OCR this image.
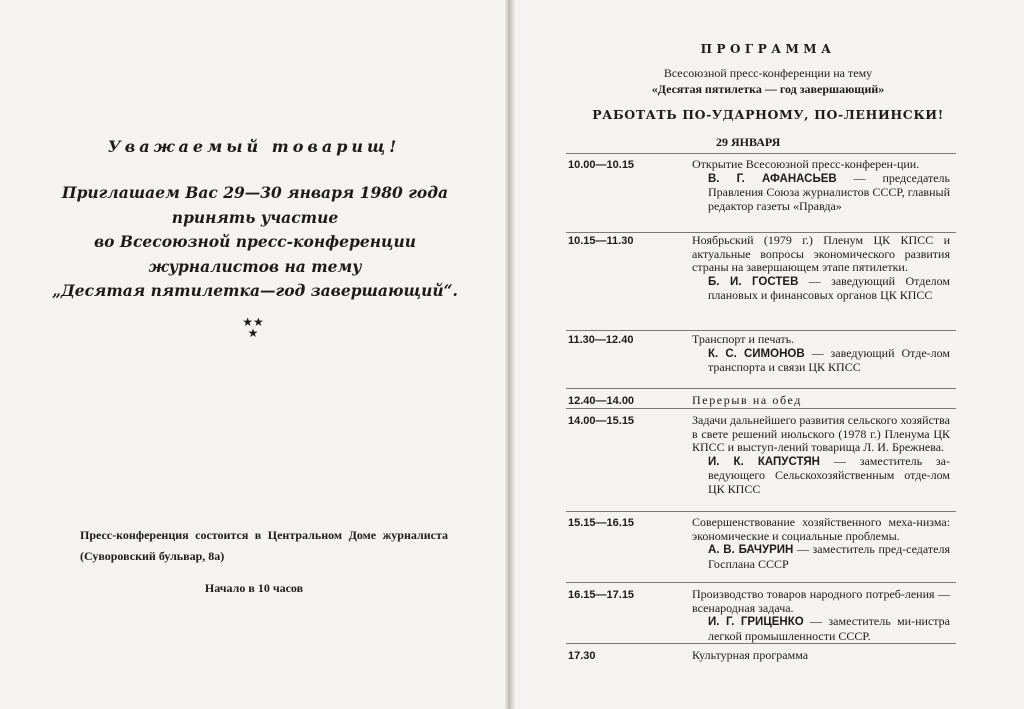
Уважаемый товарищ!
Приглашаем Вас 29—30 января 1980 года
принять участие
во Всесоюзной пресс-конференции
журналистов на тему
„Десятая пятилетка—год завершающий“.
★★
★
Пресс-конференция состоится в Центральном Доме журналиста (Суворовский бульвар, 8а)
Начало в 10 часов
ПРОГРАММА
Всесоюзной пресс-конференции на тему
«Десятая пятилетка — год завершающий»
РАБОТАТЬ ПО-УДАРНОМУ, ПО-ЛЕНИНСКИ!
29 ЯНВАРЯ
10.00—10.15	Открытие Всесоюзной пресс-конферен-ции.
В. Г. АФАНАСЬЕВ — председатель Правления Союза журналистов СССР, главный редактор газеты «Правда»
10.15—11.30	Ноябрьский (1979 г.) Пленум ЦК КПСС и актуальные вопросы экономического развития страны на завершающем этапе пятилетки.
Б. И. ГОСТЕВ — заведующий Отделом плановых и финансовых органов ЦК КПСС
11.30—12.40	Транспорт и печать.
К. С. СИМОНОВ — заведующий Отде-лом транспорта и связи ЦК КПСС
12.40—14.00	Перерыв на обед
14.00—15.15	Задачи дальнейшего развития сельского хозяйства в свете решений июльского (1978 г.) Пленума ЦК КПСС и выступ-лений товарища Л. И. Брежнева.
И. К. КАПУСТЯН — заместитель за-ведующего Сельскохозяйственным отде-лом ЦК КПСС
15.15—16.15	Совершенствование хозяйственного меха-низма: экономические и социальные проблемы.
А. В. БАЧУРИН — заместитель пред-седателя Госплана СССР
16.15—17.15	Производство товаров народного потреб-ления — всенародная задача.
И. Г. ГРИЦЕНКО — заместитель ми-нистра легкой промышленности СССР.
17.30	Культурная программа
